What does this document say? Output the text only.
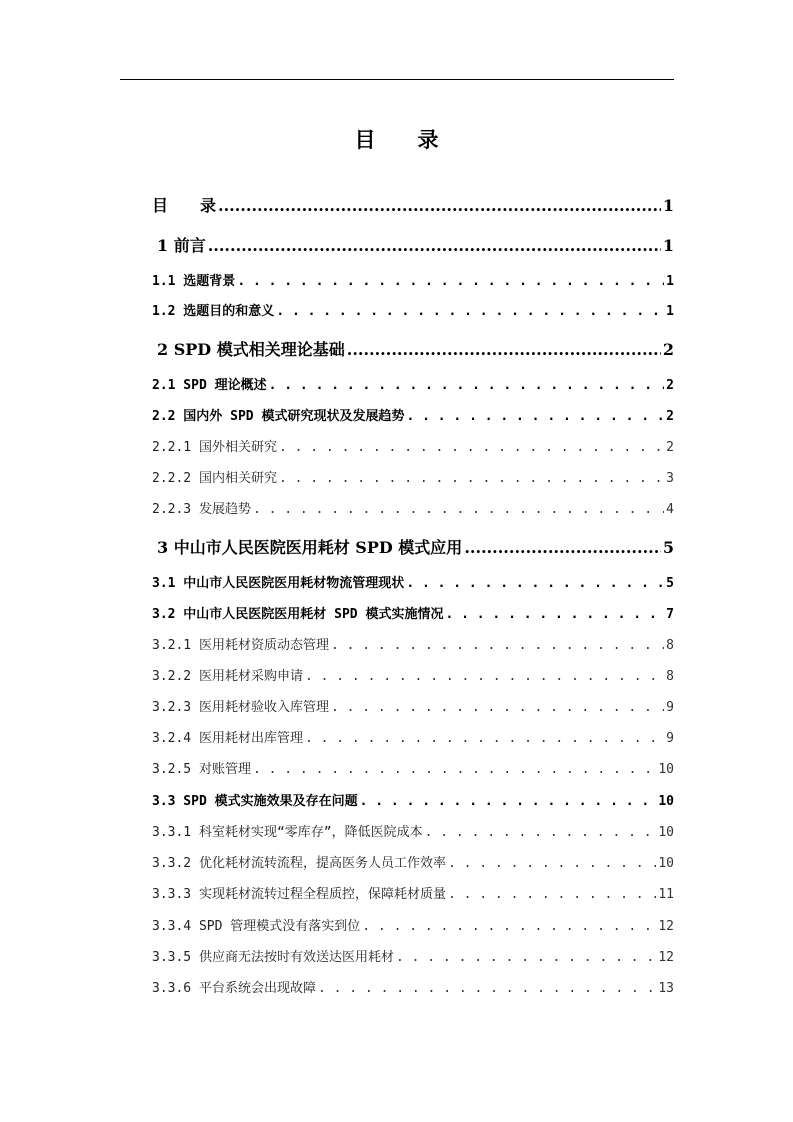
目　　录
目　　录 .....	1
1 前言 .....	1
1.1 选题背景 . . .	1
1.2 选题目的和意义 . . .	1
2 SPD 模式相关理论基础 .....	2
2.1 SPD 理论概述 . . .	2
2.2 国内外 SPD 模式研究现状及发展趋势 . . .	2
2.2.1 国外相关研究 . . .	2
2.2.2 国内相关研究 . . .	3
2.2.3 发展趋势 . . .	4
3 中山市人民医院医用耗材 SPD 模式应用 .....	5
3.1 中山市人民医院医用耗材物流管理现状 . . .	5
3.2 中山市人民医院医用耗材 SPD 模式实施情况 . . .	7
3.2.1 医用耗材资质动态管理 . . .	8
3.2.2 医用耗材采购申请 . . .	8
3.2.3 医用耗材验收入库管理 . . .	9
3.2.4 医用耗材出库管理 . . .	9
3.2.5 对账管理 . . .	10
3.3 SPD 模式实施效果及存在问题 . . .	10
3.3.1 科室耗材实现“零库存”，降低医院成本 . . .	10
3.3.2 优化耗材流转流程，提高医务人员工作效率 . . .	10
3.3.3 实现耗材流转过程全程质控，保障耗材质量 . . .	11
3.3.4 SPD 管理模式没有落实到位 . . .	12
3.3.5 供应商无法按时有效送达医用耗材 . . .	12
3.3.6 平台系统会出现故障 . . .	13
